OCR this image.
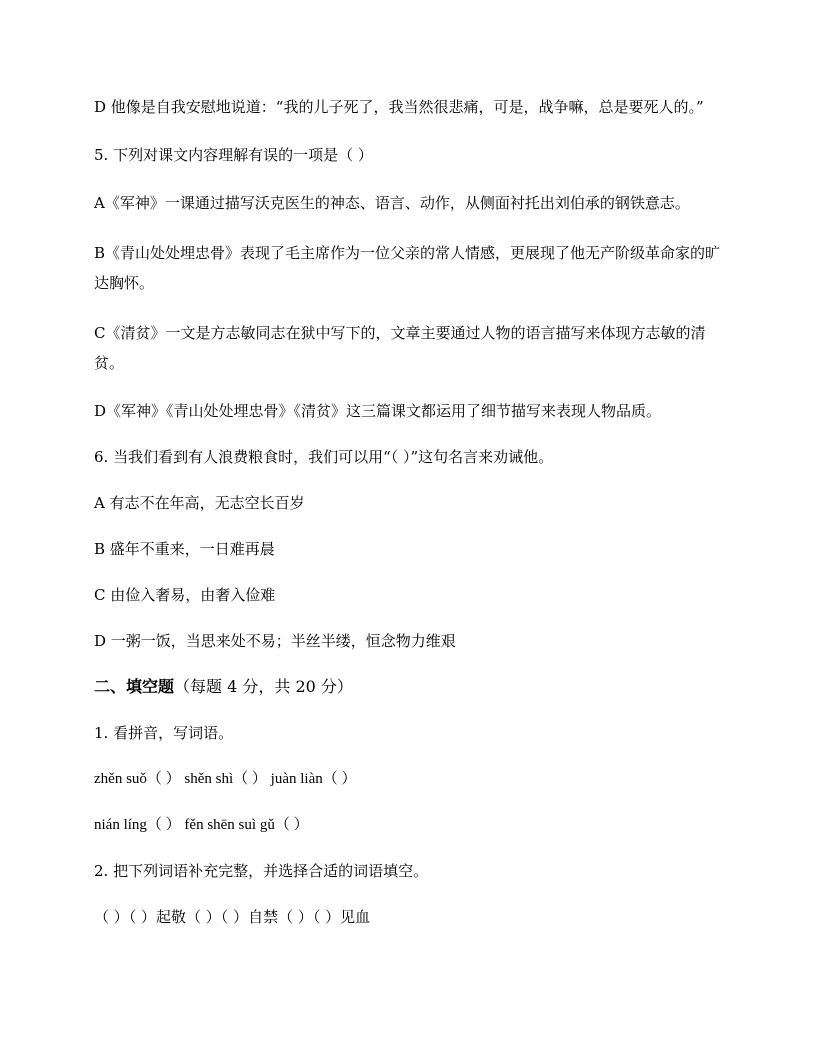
D 他像是自我安慰地说道：“我的儿子死了，我当然很悲痛，可是，战争嘛，总是要死人的。”

5. 下列对课文内容理解有误的一项是（ ）

A《军神》一课通过描写沃克医生的神态、语言、动作，从侧面衬托出刘伯承的钢铁意志。

B《青山处处埋忠骨》表现了毛主席作为一位父亲的常人情感，更展现了他无产阶级革命家的旷达胸怀。

C《清贫》一文是方志敏同志在狱中写下的，文章主要通过人物的语言描写来体现方志敏的清贫。

D《军神》《青山处处埋忠骨》《清贫》这三篇课文都运用了细节描写来表现人物品质。

6. 当我们看到有人浪费粮食时，我们可以用“（ ）”这句名言来劝诫他。

A 有志不在年高，无志空长百岁

B 盛年不重来，一日难再晨

C 由俭入奢易，由奢入俭难

D 一粥一饭，当思来处不易；半丝半缕，恒念物力维艰

二、填空题（每题 4 分，共 20 分）

1. 看拼音，写词语。

zhěn suǒ（ ） shěn shì（ ） juàn liàn（ ）

nián líng（ ） fěn shēn suì gǔ（ ）

2. 把下列词语补充完整，并选择合适的词语填空。

（ ）（ ）起敬（ ）（ ）自禁（ ）（ ）见血
